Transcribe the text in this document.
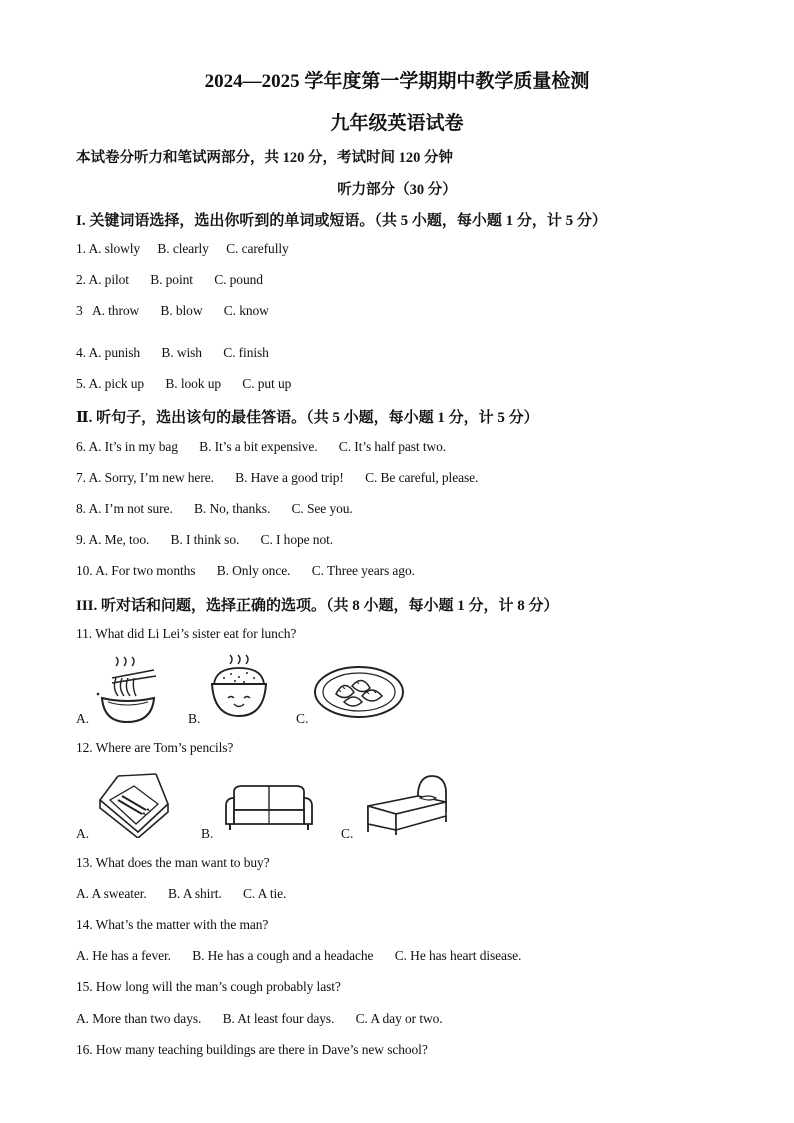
2024—2025 学年度第一学期期中教学质量检测
九年级英语试卷
本试卷分听力和笔试两部分，共 120 分，考试时间 120 分钟
听力部分（30 分）
I. 关键词语选择，选出你听到的单词或短语。（共 5 小题，每小题 1 分，计 5 分）
1. A. slowly B. clearly C. carefully
2. A. pilot B. point C. pound
3 A. throw B. blow C. know
4. A. punish B. wish C. finish
5. A. pick up B. look up C. put up
Ⅱ. 听句子，选出该句的最佳答语。（共 5 小题，每小题 1 分，计 5 分）
6. A. It’s in my bag B. It’s a bit expensive. C. It’s half past two.
7. A. Sorry, I’m new here. B. Have a good trip! C. Be careful, please.
8. A. I’m not sure. B. No, thanks. C. See you.
9. A. Me, too. B. I think so. C. I hope not.
10. A. For two months B. Only once. C. Three years ago.
III. 听对话和问题，选择正确的选项。（共 8 小题，每小题 1 分，计 8 分）
11. What did Li Lei’s sister eat for lunch?
A.	B.	C.
12. Where are Tom’s pencils?
A.	B.	C.
13. What does the man want to buy?
A. A sweater. B. A shirt. C. A tie.
14. What’s the matter with the man?
A. He has a fever. B. He has a cough and a headache C. He has heart disease.
15. How long will the man’s cough probably last?
A. More than two days. B. At least four days. C. A day or two.
16. How many teaching buildings are there in Dave’s new school?
